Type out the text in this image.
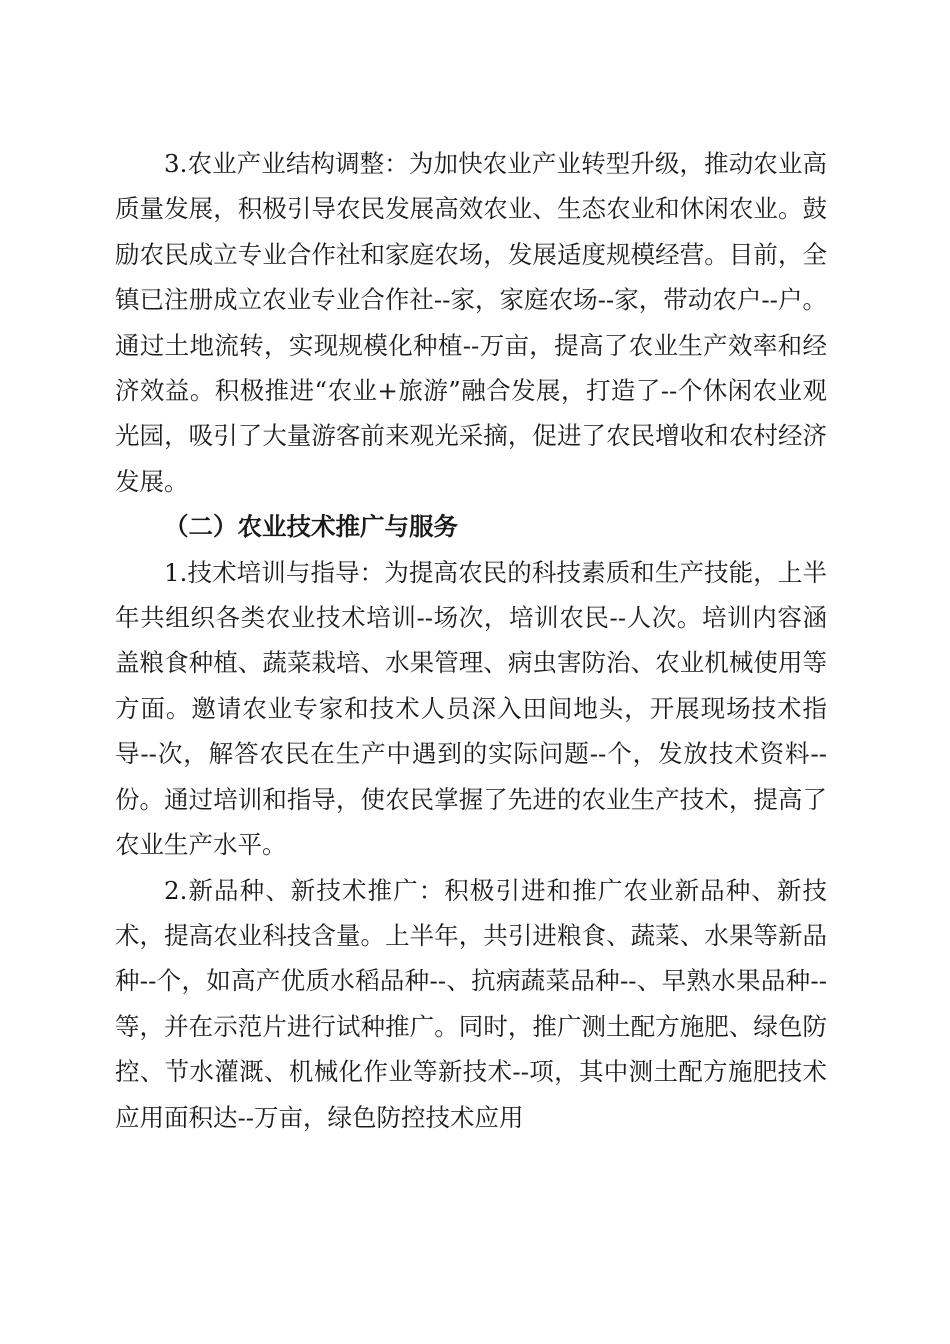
3.农业产业结构调整：为加快农业产业转型升级，推动农业高质量发展，积极引导农民发展高效农业、生态农业和休闲农业。鼓励农民成立专业合作社和家庭农场，发展适度规模经营。目前，全镇已注册成立农业专业合作社--家，家庭农场--家，带动农户--户。通过土地流转，实现规模化种植--万亩，提高了农业生产效率和经济效益。积极推进“农业+旅游”融合发展，打造了--个休闲农业观光园，吸引了大量游客前来观光采摘，促进了农民增收和农村经济发展。

（二）农业技术推广与服务

1.技术培训与指导：为提高农民的科技素质和生产技能，上半年共组织各类农业技术培训--场次，培训农民--人次。培训内容涵盖粮食种植、蔬菜栽培、水果管理、病虫害防治、农业机械使用等方面。邀请农业专家和技术人员深入田间地头，开展现场技术指导--次，解答农民在生产中遇到的实际问题--个，发放技术资料--份。通过培训和指导，使农民掌握了先进的农业生产技术，提高了农业生产水平。

2.新品种、新技术推广：积极引进和推广农业新品种、新技术，提高农业科技含量。上半年，共引进粮食、蔬菜、水果等新品种--个，如高产优质水稻品种--、抗病蔬菜品种--、早熟水果品种--等，并在示范片进行试种推广。同时，推广测土配方施肥、绿色防控、节水灌溉、机械化作业等新技术--项，其中测土配方施肥技术应用面积达--万亩，绿色防控技术应用
